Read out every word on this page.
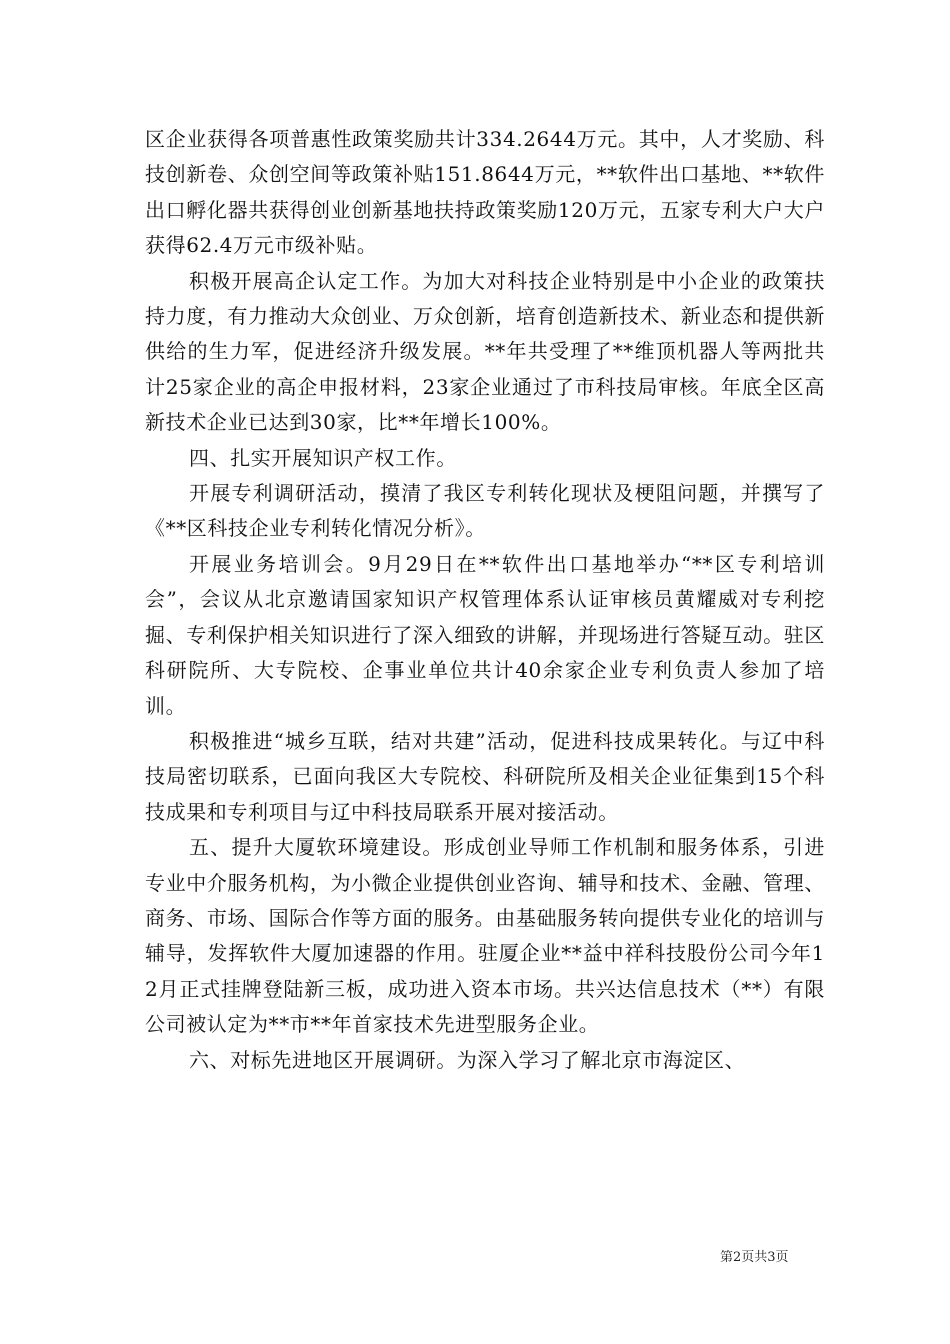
区企业获得各项普惠性政策奖励共计334.2644万元。其中，人才奖励、科技创新卷、众创空间等政策补贴151.8644万元，**软件出口基地、**软件出口孵化器共获得创业创新基地扶持政策奖励120万元，五家专利大户大户获得62.4万元市级补贴。

积极开展高企认定工作。为加大对科技企业特别是中小企业的政策扶持力度，有力推动大众创业、万众创新，培育创造新技术、新业态和提供新供给的生力军，促进经济升级发展。**年共受理了**维顶机器人等两批共计25家企业的高企申报材料，23家企业通过了市科技局审核。年底全区高新技术企业已达到30家，比**年增长100%。

四、扎实开展知识产权工作。

开展专利调研活动，摸清了我区专利转化现状及梗阻问题，并撰写了《**区科技企业专利转化情况分析》。

开展业务培训会。9月29日在**软件出口基地举办“**区专利培训会”，会议从北京邀请国家知识产权管理体系认证审核员黄耀威对专利挖掘、专利保护相关知识进行了深入细致的讲解，并现场进行答疑互动。驻区科研院所、大专院校、企事业单位共计40余家企业专利负责人参加了培训。

积极推进“城乡互联，结对共建”活动，促进科技成果转化。与辽中科技局密切联系，已面向我区大专院校、科研院所及相关企业征集到15个科技成果和专利项目与辽中科技局联系开展对接活动。

五、提升大厦软环境建设。形成创业导师工作机制和服务体系，引进专业中介服务机构，为小微企业提供创业咨询、辅导和技术、金融、管理、商务、市场、国际合作等方面的服务。由基础服务转向提供专业化的培训与辅导，发挥软件大厦加速器的作用。驻厦企业**益中祥科技股份公司今年12月正式挂牌登陆新三板，成功进入资本市场。共兴达信息技术（**）有限公司被认定为**市**年首家技术先进型服务企业。

六、对标先进地区开展调研。为深入学习了解北京市海淀区、

第2页共3页
